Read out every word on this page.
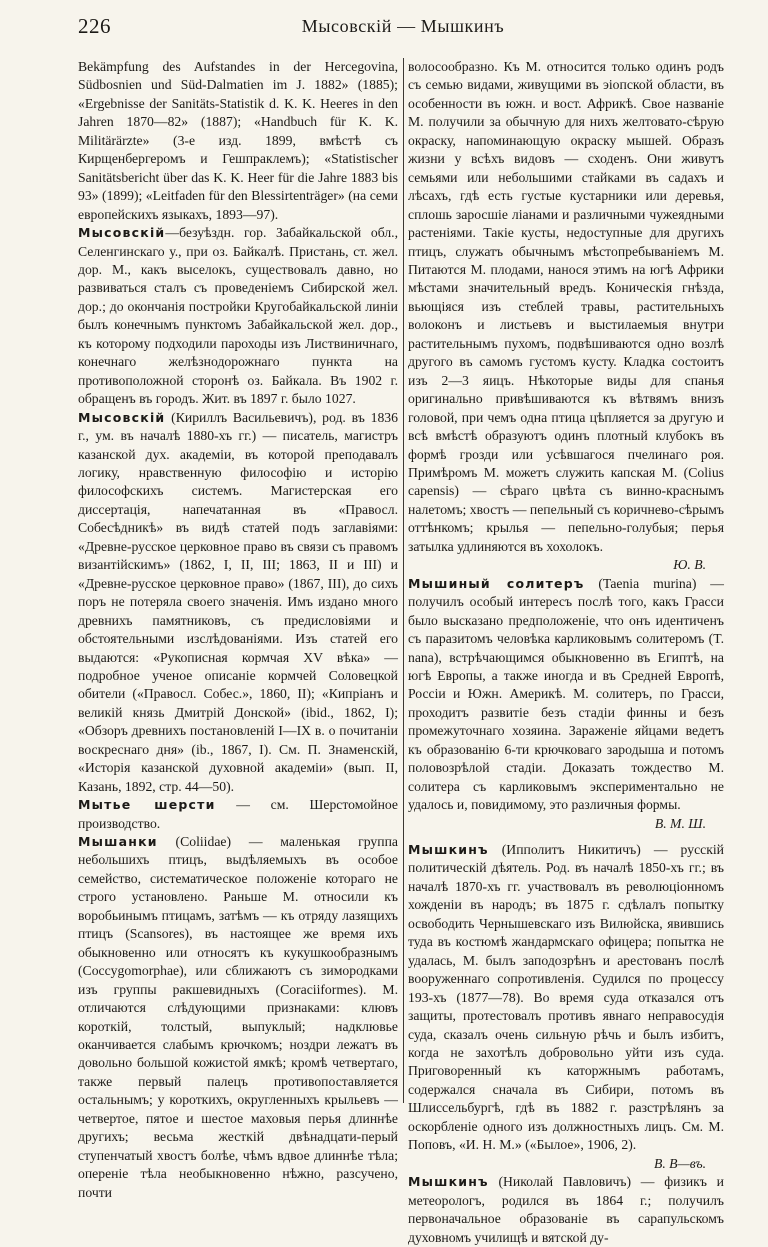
226	Мысовскій — Мышкинъ

Bekämpfung des Aufstandes in der Hercegovina, Südbosnien und Süd-Dalmatien im J. 1882» (1885); «Ergebnisse der Sanitäts-Statistik d. K. K. Heeres in den Jahren 1870—82» (1887); «Handbuch für K. K. Militärärzte» (3-е изд. 1899, вмѣстѣ съ Кирщенбергеромъ и Гешпраклемъ); «Statistischer Sanitätsbericht über das K. K. Heer für die Jahre 1883 bis 93» (1899); «Leitfaden für den Blessirtenträger» (на семи европейскихъ языкахъ, 1893—97).

Мысовскій—безуѣздн. гор. Забайкальской обл., Селенгинскаго у., при оз. Байкалѣ. Пристань, ст. жел. дор. М., какъ выселокъ, существовалъ давно, но развиваться сталъ съ проведеніемъ Сибирской жел. дор.; до окончанія постройки Кругобайкальской линіи былъ конечнымъ пунктомъ Забайкальской жел. дор., къ которому подходили пароходы изъ Листвиничнаго, конечнаго желѣзнодорожнаго пункта на противоположной сторонѣ оз. Байкала. Въ 1902 г. обращенъ въ городъ. Жит. въ 1897 г. было 1027.

Мысовскій (Кириллъ Васильевичъ), род. въ 1836 г., ум. въ началѣ 1880-хъ гг.) — писатель, магистръ казанской дух. академіи, въ которой преподавалъ логику, нравственную философію и исторію философскихъ системъ. Магистерская его диссертація, напечатанная въ «Правосл. Собесѣдникѣ» въ видѣ статей подъ заглавіями: «Древне-русское церковное право въ связи съ правомъ византійскимъ» (1862, I, II, III; 1863, II и III) и «Древне-русское церковное право» (1867, III), до сихъ поръ не потеряла своего значенія. Имъ издано много древнихъ памятниковъ, съ предисловіями и обстоятельными изслѣдованіями. Изъ статей его выдаются: «Рукописная кормчая XV вѣка» — подробное ученое описаніе кормчей Соловецкой обители («Правосл. Собес.», 1860, II); «Кипріанъ и великій князь Дмитрій Донской» (ibid., 1862, I); «Обзоръ древнихъ постановленій I—IX в. о почитаніи воскреснаго дня» (ib., 1867, I). См. П. Знаменскій, «Исторія казанской духовной академіи» (вып. II, Казань, 1892, стр. 44—50).

Мытье шерсти — см. Шерстомойное производство.

Мышанки (Coliidae) — маленькая группа небольшихъ птицъ, выдѣляемыхъ въ особое семейство, систематическое положеніе котораго не строго установлено. Раньше М. относили къ воробьинымъ птицамъ, затѣмъ — къ отряду лазящихъ птицъ (Scansores), въ настоящее же время ихъ обыкновенно или относятъ къ кукушкообразнымъ (Coccygomorphae), или сближаютъ съ зимородками изъ группы ракшевидныхъ (Coraciiformes). М. отличаются слѣдующими признаками: клювъ короткій, толстый, выпуклый; надклювье оканчивается слабымъ крючкомъ; ноздри лежатъ въ довольно большой кожистой ямкѣ; кромѣ четвертаго, также первый палецъ противопоставляется остальнымъ; у короткихъ, округленныхъ крыльевъ — четвертое, пятое и шестое маховыя перья длиннѣе другихъ; весьма жесткій двѣнадцати-перый ступенчатый хвостъ болѣе, чѣмъ вдвое длиннѣе тѣла; опереніе тѣла необыкновенно нѣжно, разсучено, почти

волосообразно. Къ М. относится только одинъ родъ съ семью видами, живущими въ эіопской области, въ особенности въ южн. и вост. Африкѣ. Свое названіе М. получили за обычную для нихъ желтовато-сѣрую окраску, напоминающую окраску мышей. Образъ жизни у всѣхъ видовъ — сходенъ. Они живутъ семьями или небольшими стайками въ садахъ и лѣсахъ, гдѣ есть густые кустарники или деревья, сплошь заросшіе ліанами и различными чужеядными растеніями. Такіе кусты, недоступные для другихъ птицъ, служатъ обычнымъ мѣстопребываніемъ М. Питаются М. плодами, нанося этимъ на югѣ Африки мѣстами значительный вредъ. Коническія гнѣзда, вьющіяся изъ стеблей травы, растительныхъ волоконъ и листьевъ и выстилаемыя внутри растительнымъ пухомъ, подвѣшиваются одно возлѣ другого въ самомъ густомъ кусту. Кладка состоитъ изъ 2—3 яицъ. Нѣкоторые виды для спанья оригинально привѣшиваются къ вѣтвямъ внизъ головой, при чемъ одна птица цѣпляется за другую и всѣ вмѣстѣ образуютъ одинъ плотный клубокъ въ формѣ грозди или усѣвшагося пчелинаго роя. Примѣромъ М. можетъ служить капская М. (Colius capensis) — сѣраго цвѣта съ винно-краснымъ налетомъ; хвостъ — пепельный съ коричнево-сѣрымъ оттѣнкомъ; крылья — пепельно-голубыя; перья затылка удлиняются въ хохолокъ.
Ю. В.

Мышиный солитеръ (Taenia murina) — получилъ особый интересъ послѣ того, какъ Грасси было высказано предположеніе, что онъ идентиченъ съ паразитомъ человѣка карликовымъ солитеромъ (T. nana), встрѣчающимся обыкновенно въ Египтѣ, на югѣ Европы, а также иногда и въ Средней Европѣ, Россіи и Южн. Америкѣ. М. солитеръ, по Грасси, проходитъ развитіе безъ стадіи финны и безъ промежуточнаго хозяина. Зараженіе яйцами ведетъ къ образованію 6-ти крючковаго зародыша и потомъ половозрѣлой стадіи. Доказать тождество М. солитера съ карликовымъ экспериментально не удалось и, повидимому, это различныя формы.
В. М. Ш.

Мышкинъ (Ипполитъ Никитичъ) — русскій политическій дѣятель. Род. въ началѣ 1850-хъ гг.; въ началѣ 1870-хъ гг. участвовалъ въ революціонномъ хожденіи въ народъ; въ 1875 г. сдѣлалъ попытку освободить Чернышевскаго изъ Вилюйска, явившись туда въ костюмѣ жандармскаго офицера; попытка не удалась, М. былъ заподозрѣнъ и арестованъ послѣ вооруженнаго сопротивленія. Судился по процессу 193-хъ (1877—78). Во время суда отказался отъ защиты, протестовалъ противъ явнаго неправосудія суда, сказалъ очень сильную рѣчь и былъ избитъ, когда не захотѣлъ добровольно уйти изъ суда. Приговоренный къ каторжнымъ работамъ, содержался сначала въ Сибири, потомъ въ Шлиссельбургѣ, гдѣ въ 1882 г. разстрѣлянъ за оскорбленіе одного изъ должностныхъ лицъ. См. М. Поповъ, «И. Н. М.» («Былое», 1906, 2).
В. В—въ.

Мышкинъ (Николай Павловичъ) — физикъ и метеорологъ, родился въ 1864 г.; получилъ первоначальное образованіе въ сарапульскомъ духовномъ училищѣ и вятской ду-
